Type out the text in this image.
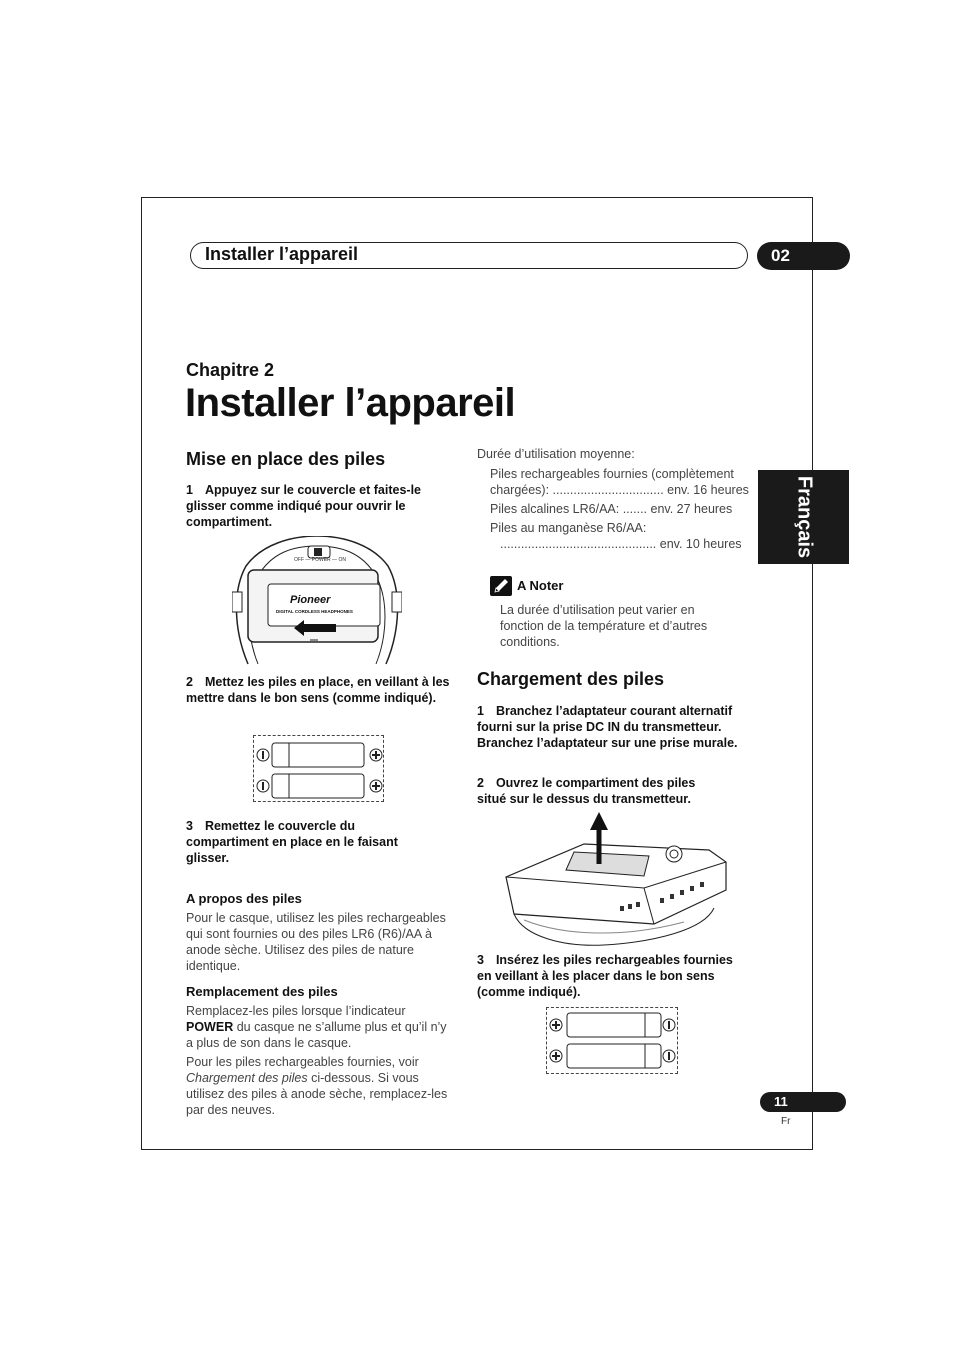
Installer l’appareil	02
Français
Chapitre 2
Installer l’appareil
Mise en place des piles
1 Appuyez sur le couvercle et faites-le glisser comme indiqué pour ouvrir le compartiment.
OFF — POWER — ON
Pioneer
DIGITAL CORDLESS HEADPHONES
2 Mettez les piles en place, en veillant à les mettre dans le bon sens (comme indiqué).
3 Remettez le couvercle du compartiment en place en le faisant glisser.
A propos des piles
Pour le casque, utilisez les piles rechargeables qui sont fournies ou des piles LR6 (R6)/AA à anode sèche. Utilisez des piles de nature identique.
Remplacement des piles
Remplacez-les piles lorsque l’indicateur POWER du casque ne s’allume plus et qu’il n’y a plus de son dans le casque.
Pour les piles rechargeables fournies, voir Chargement des piles ci-dessous. Si vous utilisez des piles à anode sèche, remplacez-les par des neuves.
Durée d’utilisation moyenne:
Piles rechargeables fournies (complètement
chargées): ................................ env. 16 heures
Piles alcalines LR6/AA: ....... env. 27 heures
Piles au manganèse R6/AA:
............................................. env. 10 heures
A Noter
La durée d’utilisation peut varier en fonction de la température et d’autres conditions.
Chargement des piles
1 Branchez l’adaptateur courant alternatif fourni sur la prise DC IN du transmetteur. Branchez l’adaptateur sur une prise murale.
2 Ouvrez le compartiment des piles situé sur le dessus du transmetteur.
3 Insérez les piles rechargeables fournies en veillant à les placer dans le bon sens (comme indiqué).
11
Fr
